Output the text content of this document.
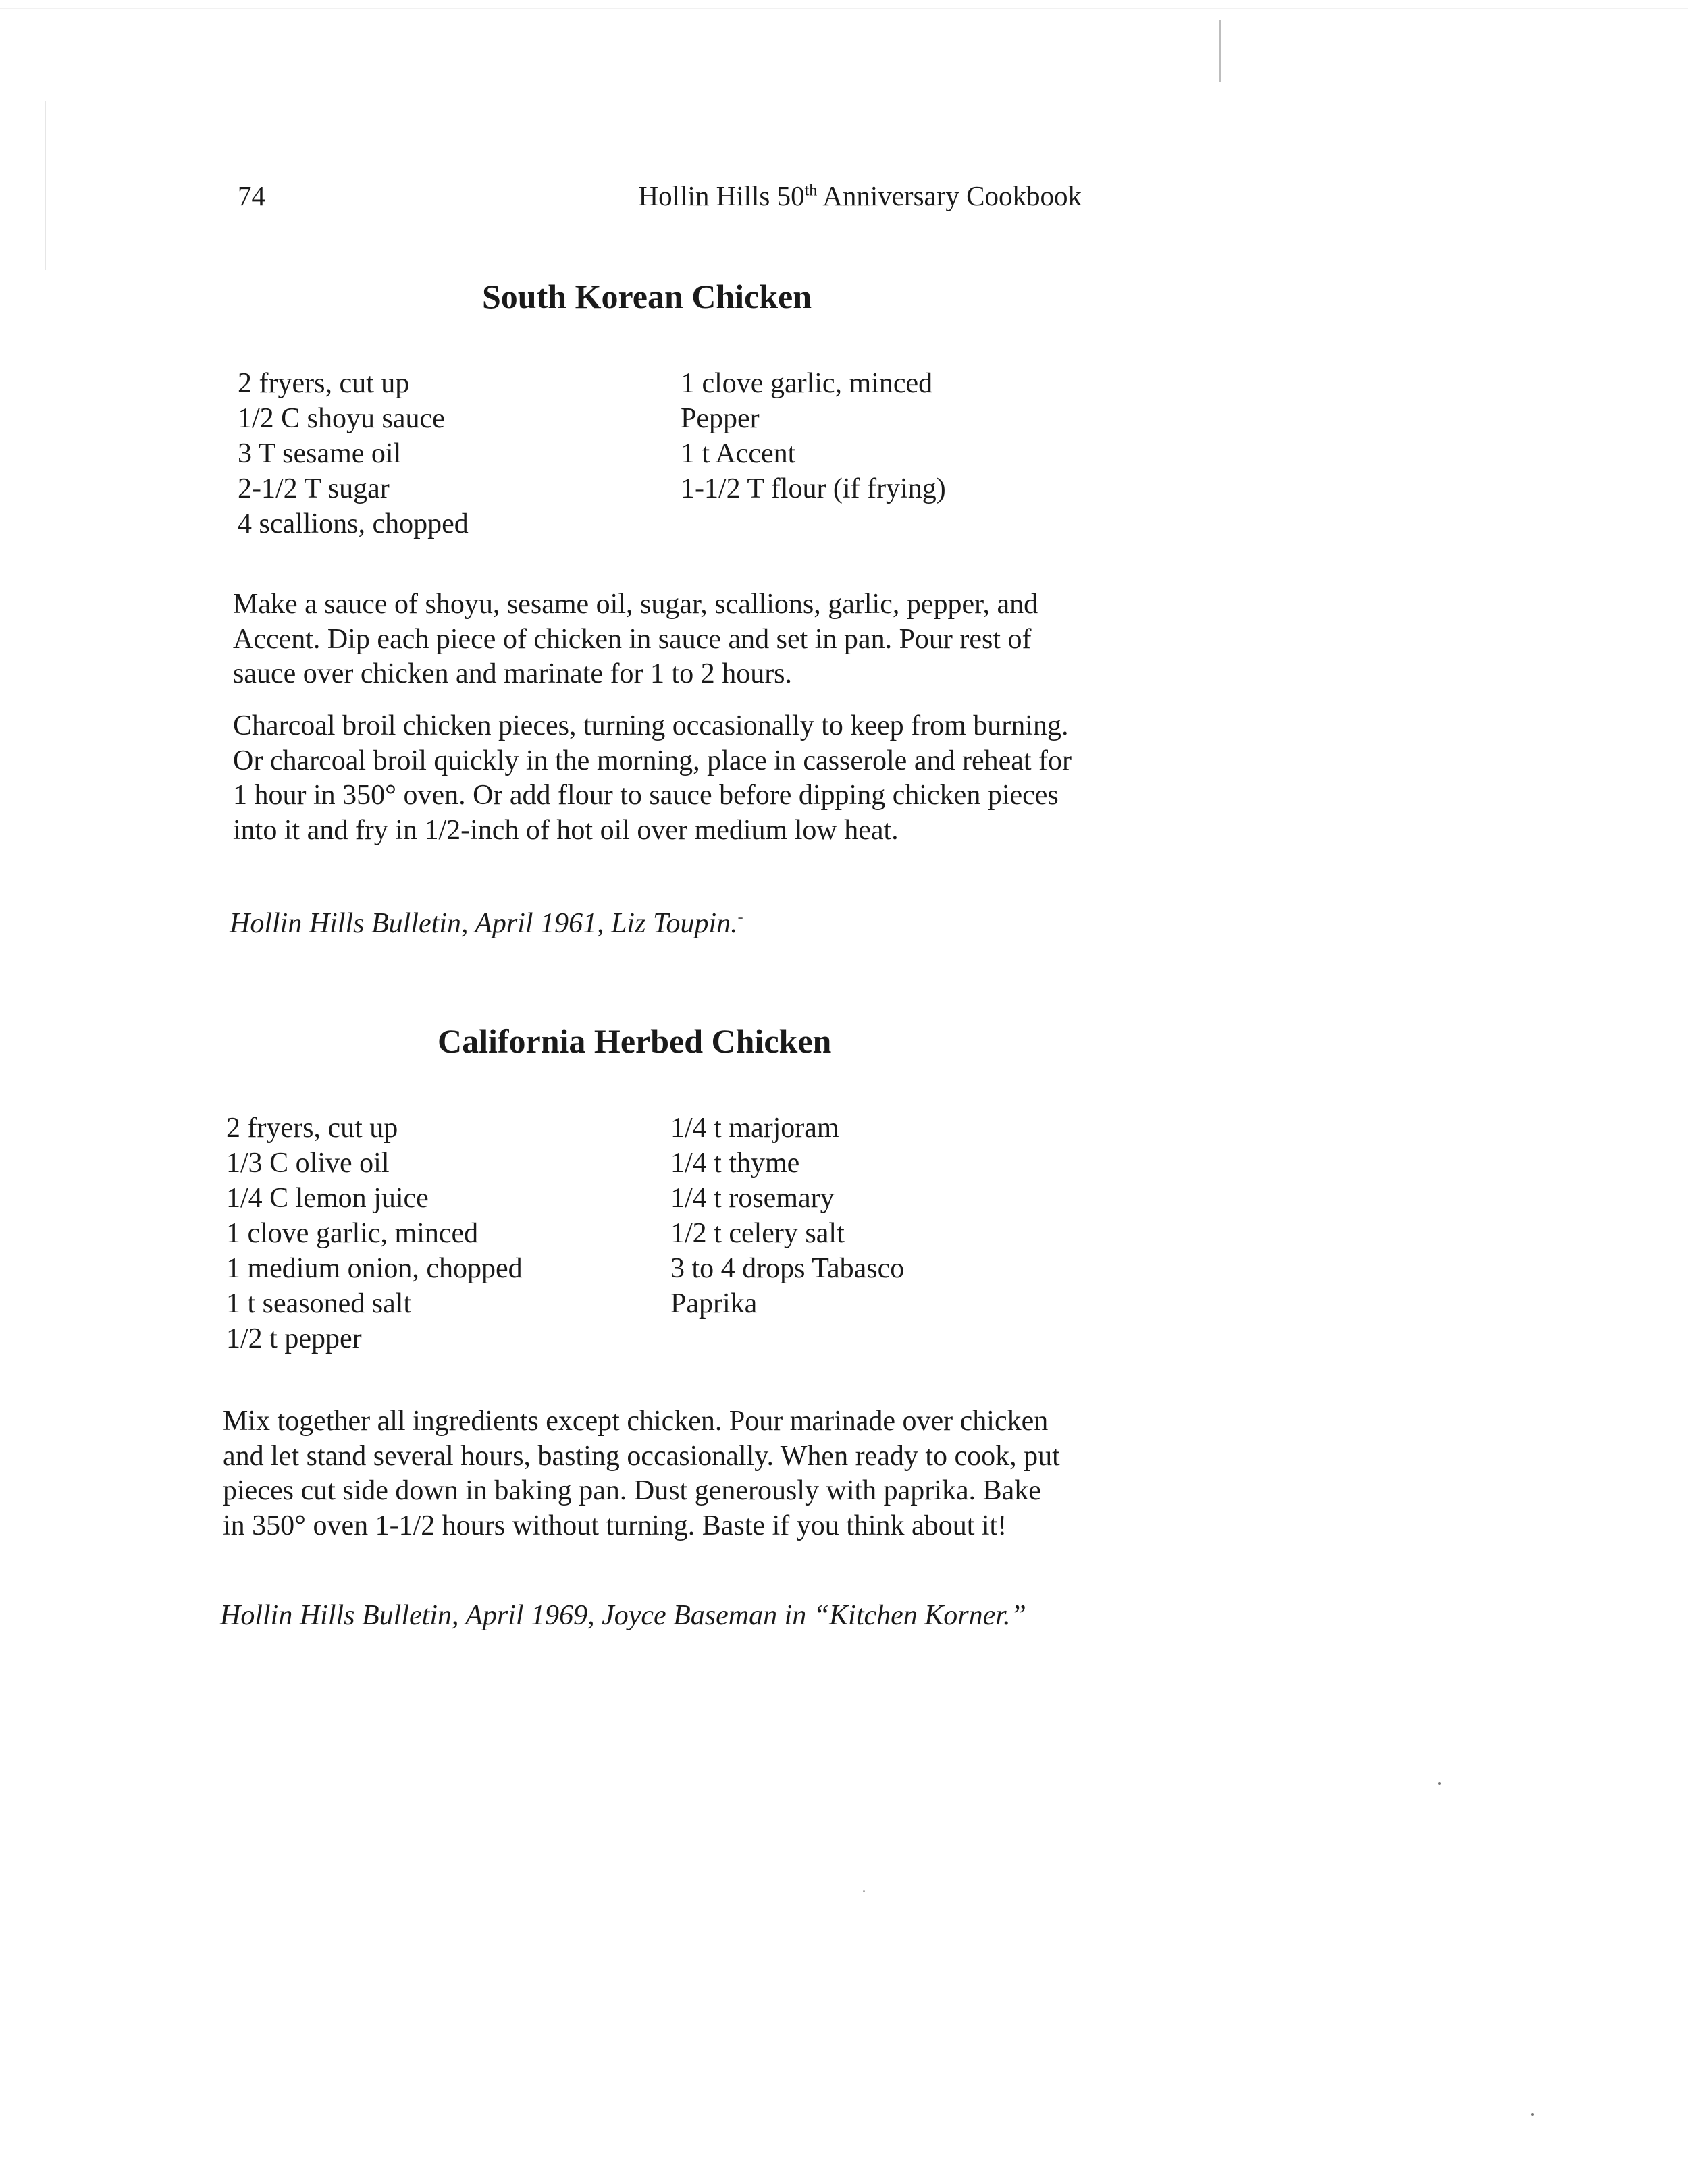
74	Hollin Hills 50th Anniversary Cookbook
South Korean Chicken
2 fryers, cut up
1/2 C shoyu sauce
3 T sesame oil
2-1/2 T sugar
4 scallions, chopped
1 clove garlic, minced
Pepper
1 t Accent
1-1/2 T flour (if frying)
Make a sauce of shoyu, sesame oil, sugar, scallions, garlic, pepper, and Accent. Dip each piece of chicken in sauce and set in pan. Pour rest of sauce over chicken and marinate for 1 to 2 hours.
Charcoal broil chicken pieces, turning occasionally to keep from burning. Or charcoal broil quickly in the morning, place in casserole and reheat for 1 hour in 350° oven. Or add flour to sauce before dipping chicken pieces into it and fry in 1/2-inch of hot oil over medium low heat.
Hollin Hills Bulletin, April 1961, Liz Toupin.-
California Herbed Chicken
2 fryers, cut up
1/3 C olive oil
1/4 C lemon juice
1 clove garlic, minced
1 medium onion, chopped
1 t seasoned salt
1/2 t pepper
1/4 t marjoram
1/4 t thyme
1/4 t rosemary
1/2 t celery salt
3 to 4 drops Tabasco
Paprika
Mix together all ingredients except chicken. Pour marinade over chicken and let stand several hours, basting occasionally. When ready to cook, put pieces cut side down in baking pan. Dust generously with paprika. Bake in 350° oven 1-1/2 hours without turning. Baste if you think about it!
Hollin Hills Bulletin, April 1969, Joyce Baseman in “Kitchen Korner.”
